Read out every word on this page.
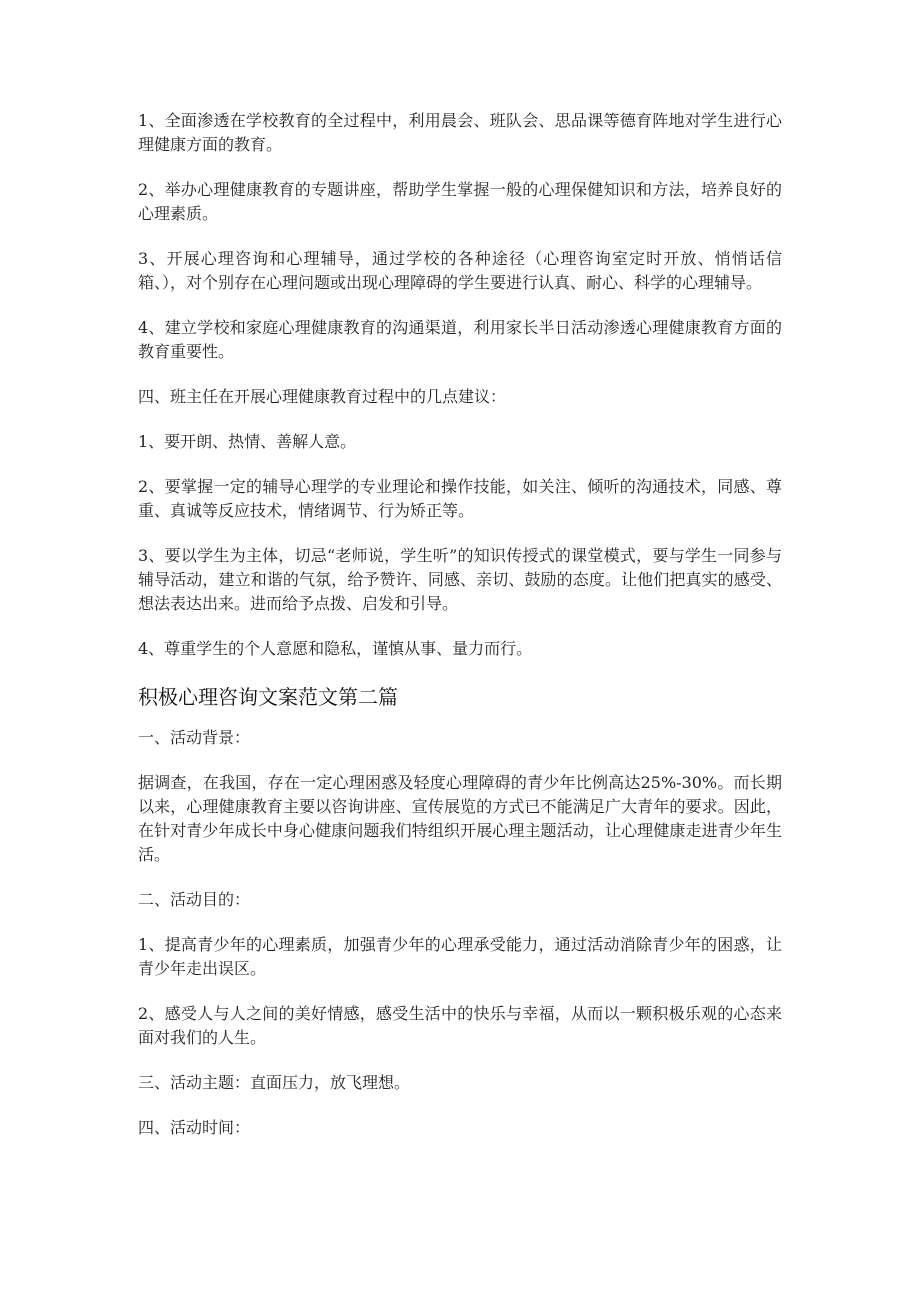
1、全面渗透在学校教育的全过程中，利用晨会、班队会、思品课等德育阵地对学生进行心理健康方面的教育。

2、举办心理健康教育的专题讲座，帮助学生掌握一般的心理保健知识和方法，培养良好的心理素质。

3、开展心理咨询和心理辅导，通过学校的各种途径（心理咨询室定时开放、悄悄话信箱、），对个别存在心理问题或出现心理障碍的学生要进行认真、耐心、科学的心理辅导。

4、建立学校和家庭心理健康教育的沟通渠道，利用家长半日活动渗透心理健康教育方面的教育重要性。

四、班主任在开展心理健康教育过程中的几点建议：

1、要开朗、热情、善解人意。

2、要掌握一定的辅导心理学的专业理论和操作技能，如关注、倾听的沟通技术，同感、尊重、真诚等反应技术，情绪调节、行为矫正等。

3、要以学生为主体，切忌“老师说，学生听”的知识传授式的课堂模式，要与学生一同参与辅导活动，建立和谐的气氛，给予赞许、同感、亲切、鼓励的态度。让他们把真实的感受、想法表达出来。进而给予点拨、启发和引导。

4、尊重学生的个人意愿和隐私，谨慎从事、量力而行。

积极心理咨询文案范文第二篇

一、活动背景：

据调查，在我国，存在一定心理困惑及轻度心理障碍的青少年比例高达25%-30%。而长期以来，心理健康教育主要以咨询讲座、宣传展览的方式已不能满足广大青年的要求。因此，在针对青少年成长中身心健康问题我们特组织开展心理主题活动，让心理健康走进青少年生活。

二、活动目的：

1、提高青少年的心理素质，加强青少年的心理承受能力，通过活动消除青少年的困惑，让青少年走出误区。

2、感受人与人之间的美好情感，感受生活中的快乐与幸福，从而以一颗积极乐观的心态来面对我们的人生。

三、活动主题：直面压力，放飞理想。

四、活动时间：
